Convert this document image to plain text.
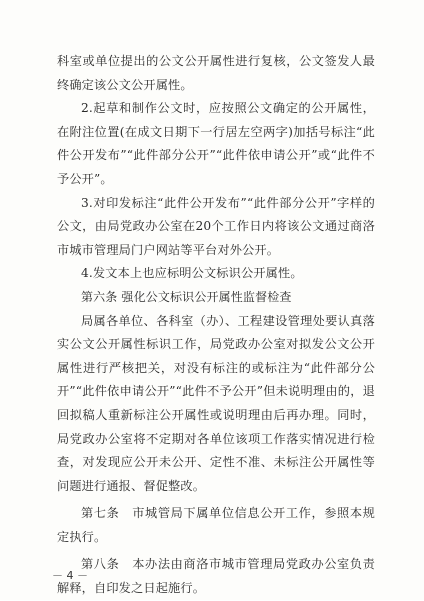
科室或单位提出的公文公开属性进行复核，公文签发人最终确定该公文公开属性。

2.起草和制作公文时，应按照公文确定的公开属性，在附注位置(在成文日期下一行居左空两字)加括号标注“此件公开发布”“此件部分公开”“此件依申请公开”或“此件不予公开”。

3.对印发标注“此件公开发布”“此件部分公开”字样的公文，由局党政办公室在20个工作日内将该公文通过商洛市城市管理局门户网站等平台对外公开。

4.发文本上也应标明公文标识公开属性。

第六条 强化公文标识公开属性监督检查

局属各单位、各科室（办）、工程建设管理处要认真落实公文公开属性标识工作，局党政办公室对拟发公文公开属性进行严核把关，对没有标注的或标注为“此件部分公开”“此件依申请公开”“此件不予公开”但未说明理由的，退回拟稿人重新标注公开属性或说明理由后再办理。同时，局党政办公室将不定期对各单位该项工作落实情况进行检查，对发现应公开未公开、定性不准、未标注公开属性等问题进行通报、督促整改。

第七条　市城管局下属单位信息公开工作，参照本规定执行。

第八条　本办法由商洛市城市管理局党政办公室负责解释，自印发之日起施行。

－ 4 －
